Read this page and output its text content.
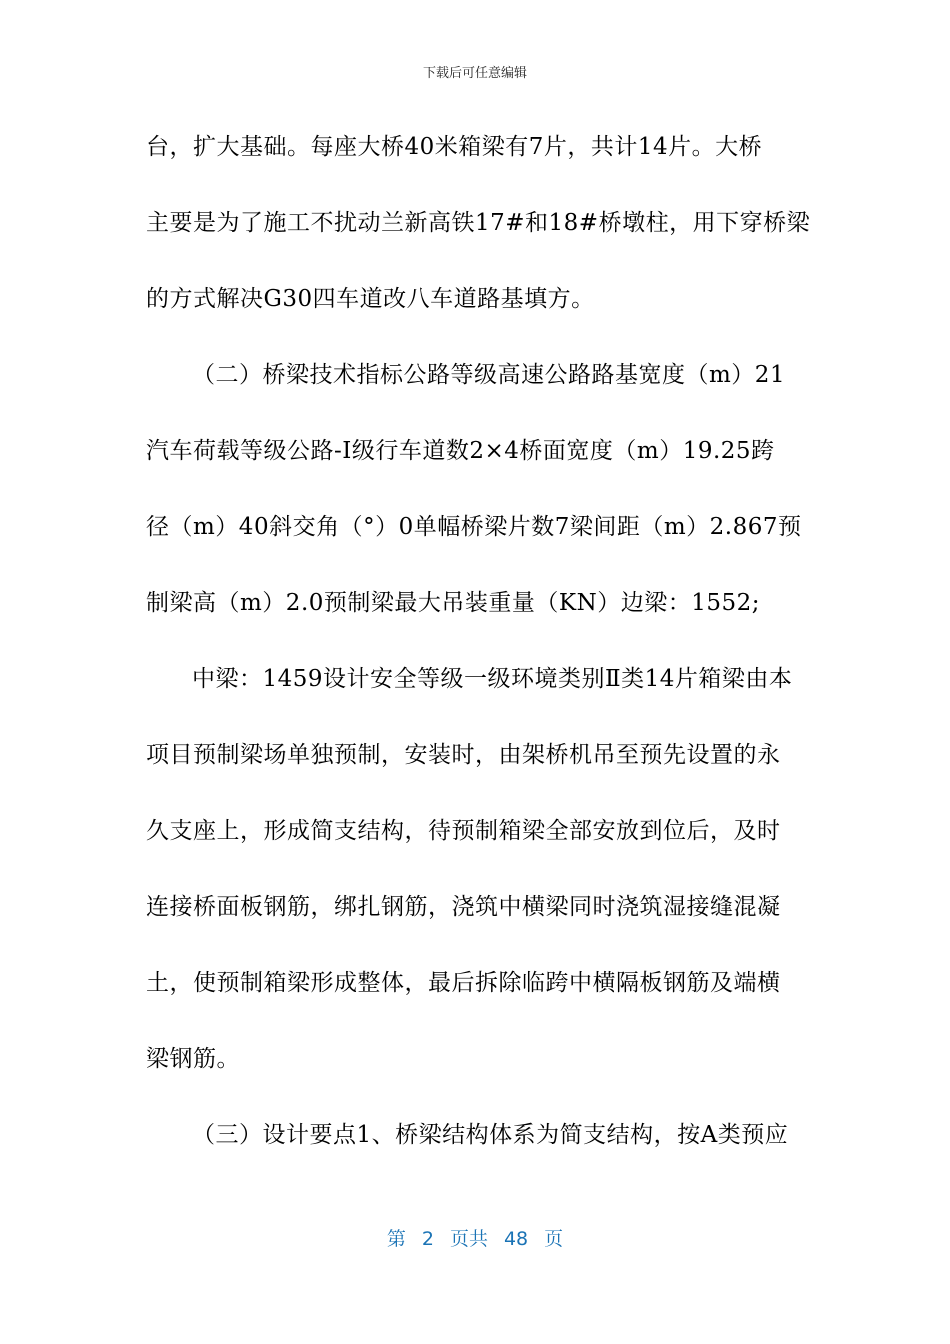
下载后可任意编辑
台，扩大基础。每座大桥40米箱梁有7片，共计14片。大桥
主要是为了施工不扰动兰新高铁17#和18#桥墩柱，用下穿桥梁
的方式解决G30四车道改八车道路基填方。
（二）桥梁技术指标公路等级高速公路路基宽度（m）21
汽车荷载等级公路-Ⅰ级行车道数2×4桥面宽度（m）19.25跨
径（m）40斜交角（°）0单幅桥梁片数7梁间距（m）2.867预
制梁高（m）2.0预制梁最大吊装重量（KN）边梁：1552;
中梁：1459设计安全等级一级环境类别Ⅱ类14片箱梁由本
项目预制梁场单独预制，安装时，由架桥机吊至预先设置的永
久支座上，形成简支结构，待预制箱梁全部安放到位后，及时
连接桥面板钢筋，绑扎钢筋，浇筑中横梁同时浇筑湿接缝混凝
土，使预制箱梁形成整体，最后拆除临跨中横隔板钢筋及端横
梁钢筋。
（三）设计要点1、桥梁结构体系为简支结构，按A类预应
第 2 页共 48 页
